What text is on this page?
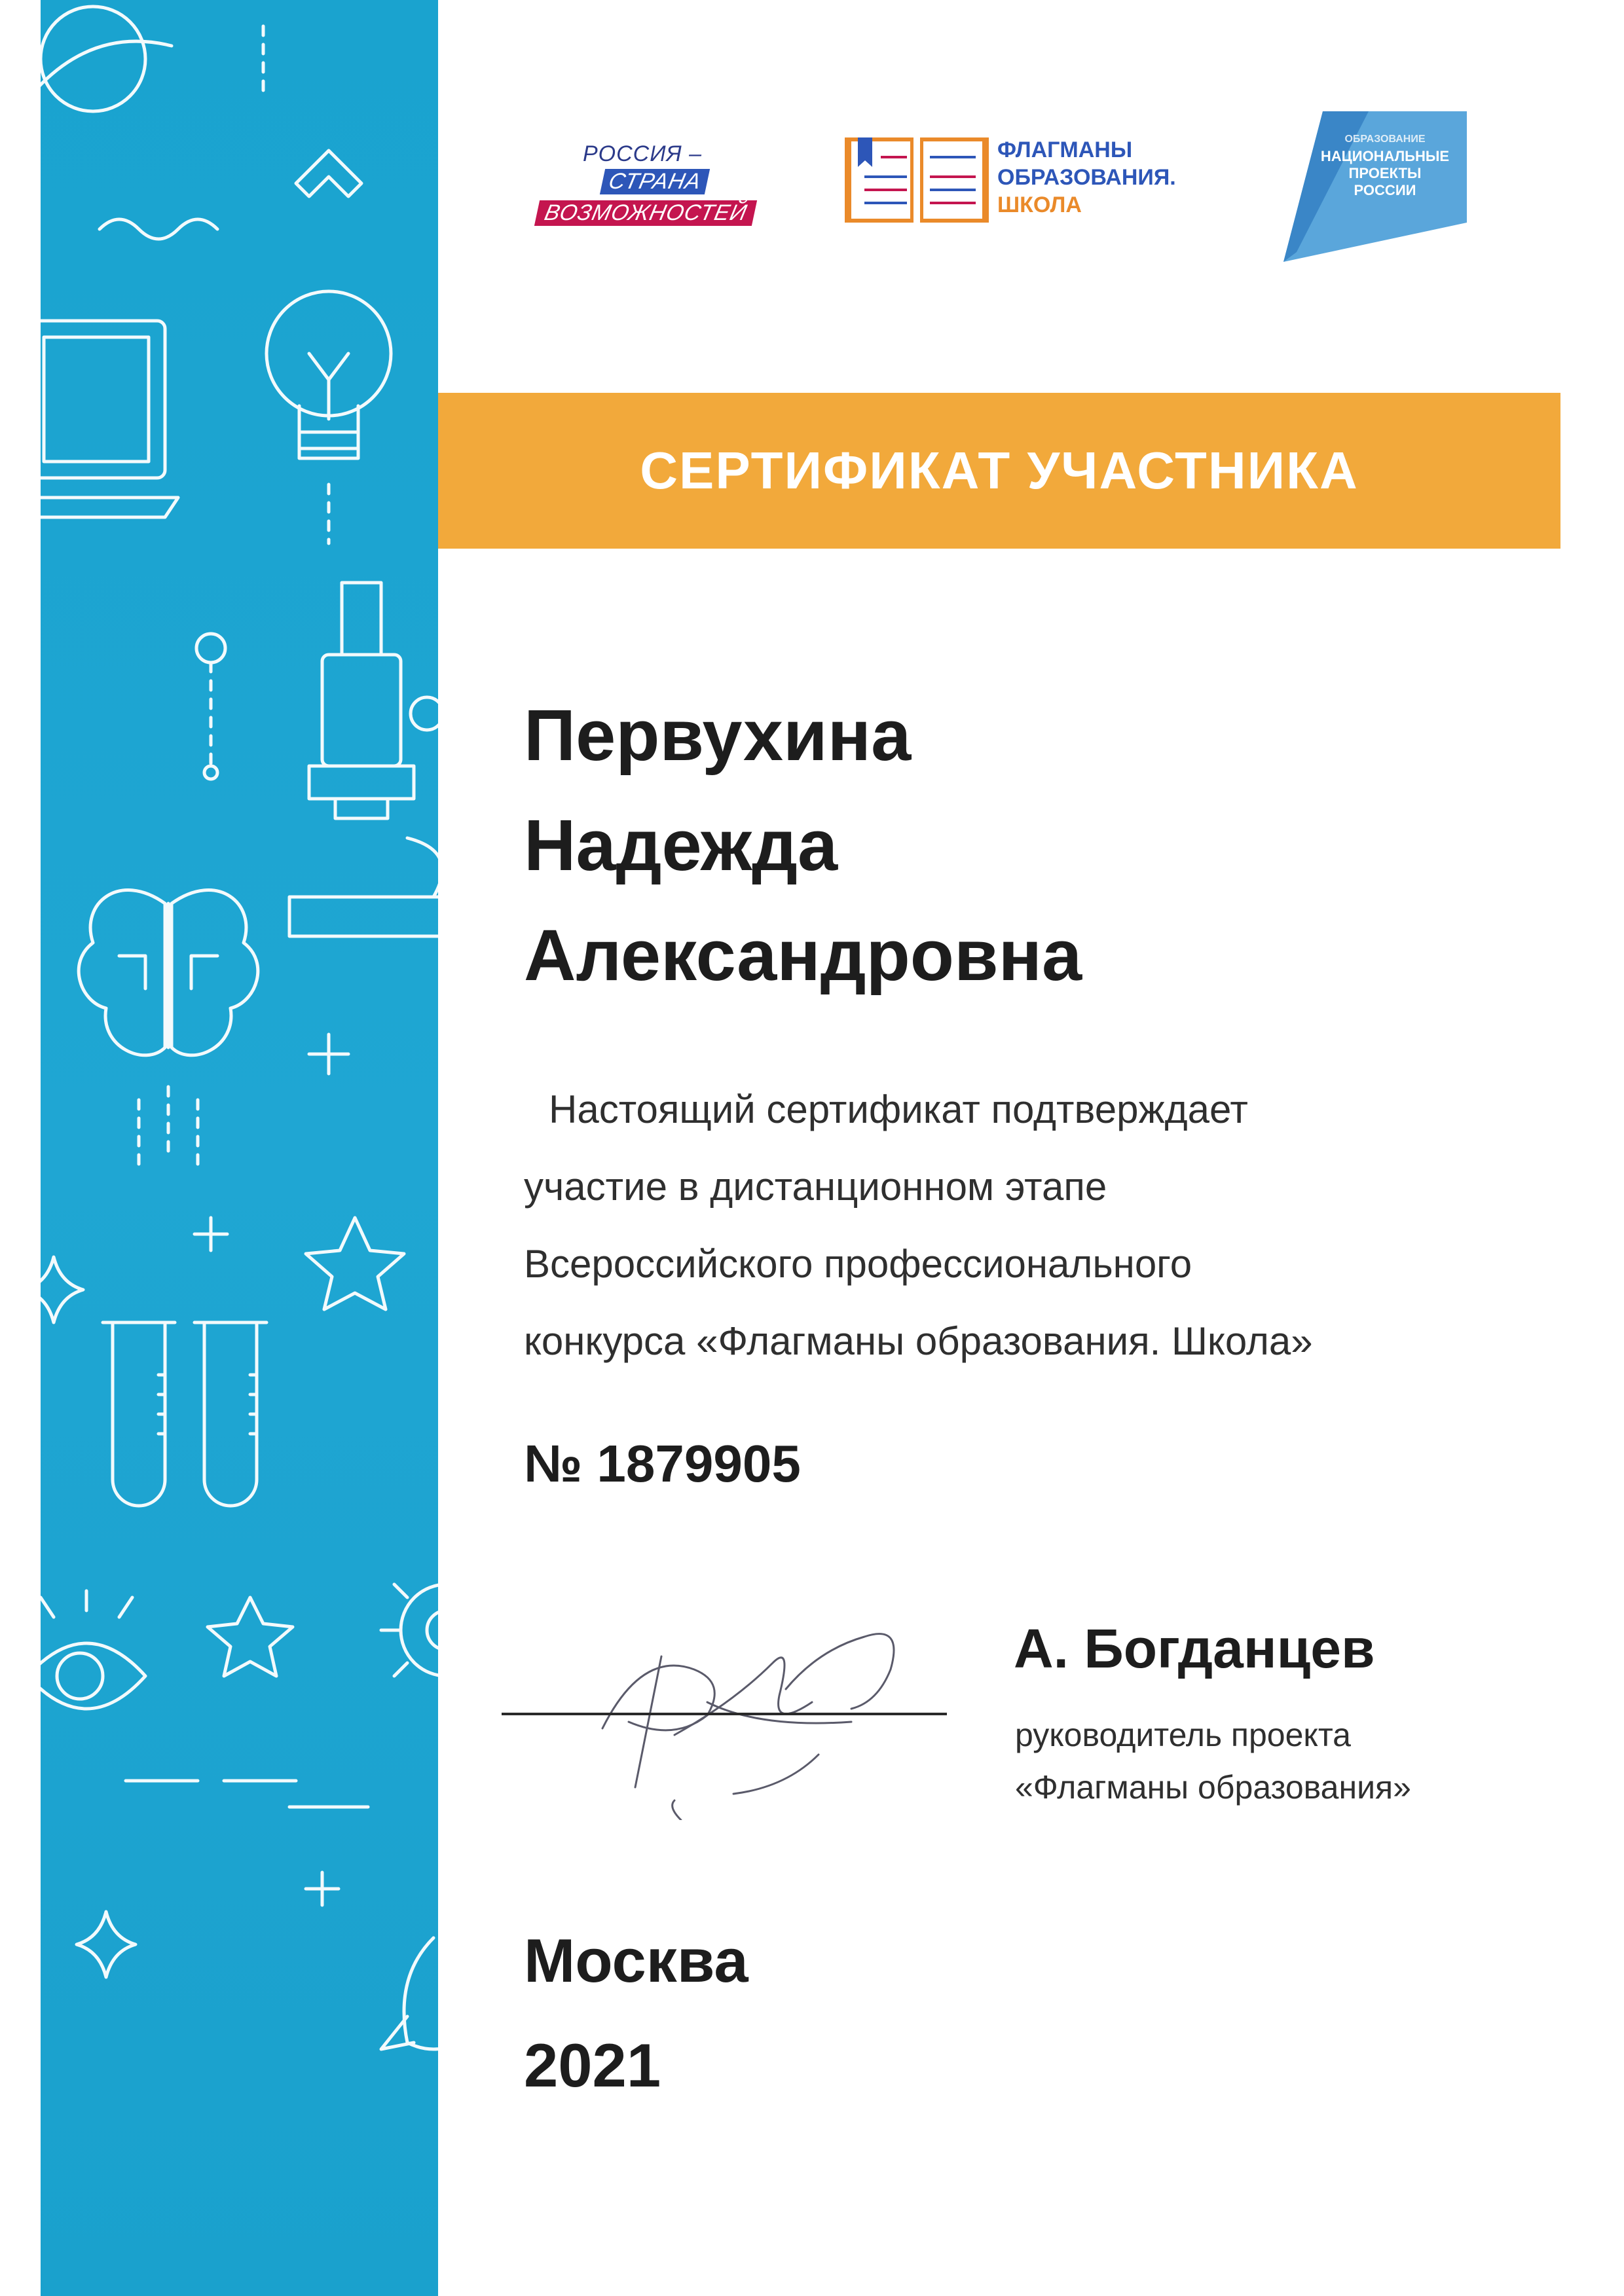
РОССИЯ –
СТРАНА
ВОЗМОЖНОСТЕЙ
ФЛАГМАНЫ
ОБРАЗОВАНИЯ.
ШКОЛА
ОБРАЗОВАНИЕ
НАЦИОНАЛЬНЫЕ
ПРОЕКТЫ
РОССИИ
СЕРТИФИКАТ УЧАСТНИКА
Первухина
Надежда
Александровна
Настоящий сертификат подтверждает
участие в дистанционном этапе
Всероссийского профессионального
конкурса «Флагманы образования. Школа»
№ 1879905
А. Богданцев
руководитель проекта
«Флагманы образования»
Москва
2021
